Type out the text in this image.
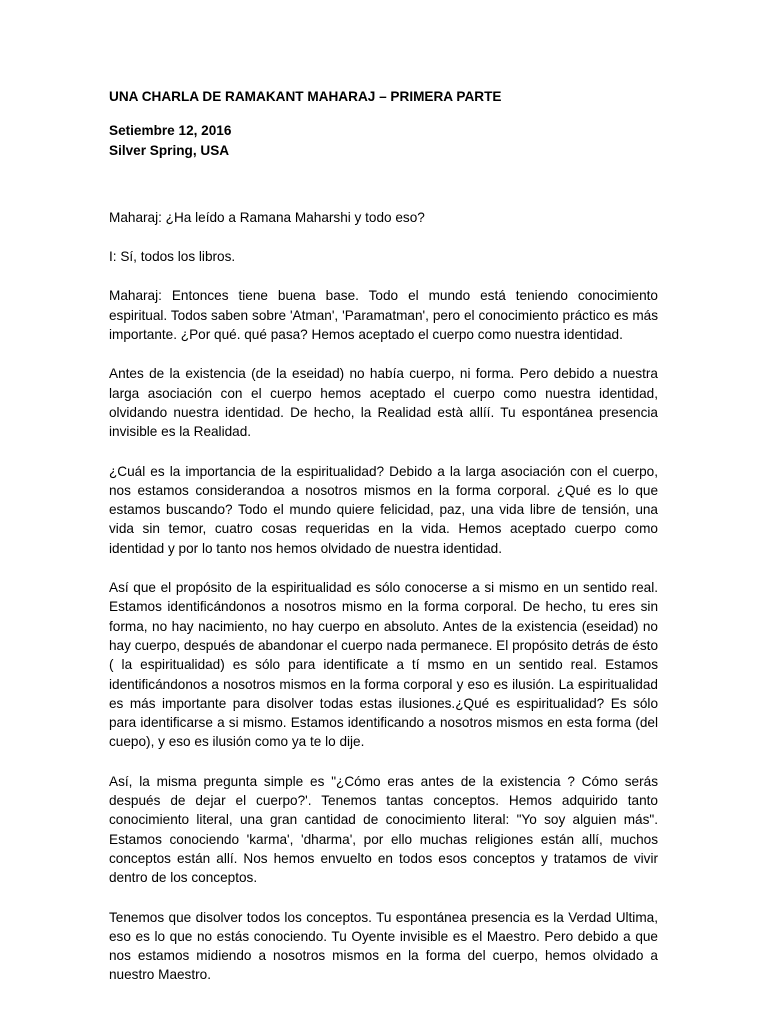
UNA CHARLA DE RAMAKANT MAHARAJ – PRIMERA PARTE

Setiembre 12, 2016

Silver Spring, USA

Maharaj: ¿Ha leído a Ramana Maharshi y todo eso?

I: Sí, todos los libros.

Maharaj: Entonces tiene buena base. Todo el mundo está teniendo conocimiento espiritual. Todos saben sobre 'Atman', 'Paramatman', pero el conocimiento práctico es más importante. ¿Por qué. qué pasa? Hemos aceptado el cuerpo como nuestra identidad.

Antes de la existencia (de la eseidad) no había cuerpo, ni forma. Pero debido a nuestra larga asociación con el cuerpo hemos aceptado el cuerpo como nuestra identidad, olvidando nuestra identidad. De hecho, la Realidad està allíí. Tu espontánea presencia invisible es la Realidad.

¿Cuál es la importancia de la espiritualidad? Debido a la larga asociación con el cuerpo, nos estamos considerandoa a nosotros mismos en la forma corporal. ¿Qué es lo que estamos buscando? Todo el mundo quiere felicidad, paz, una vida libre de tensión, una vida sin temor, cuatro cosas requeridas en la vida. Hemos aceptado cuerpo como identidad y por lo tanto nos hemos olvidado de nuestra identidad.

Así que el propósito de la espiritualidad es sólo conocerse a si mismo en un sentido real. Estamos identificándonos a nosotros mismo en la forma corporal. De hecho, tu eres sin forma, no hay nacimiento, no hay cuerpo en absoluto. Antes de la existencia (eseidad) no hay cuerpo, después de abandonar el cuerpo nada permanece. El propósito detrás de ésto ( la espiritualidad) es sólo para identificate a tí msmo en un sentido real. Estamos identificándonos a nosotros mismos en la forma corporal y eso es ilusión. La espiritualidad es más importante para disolver todas estas ilusiones.¿Qué es espiritualidad? Es sólo para identificarse a si mismo. Estamos identificando a nosotros mismos en esta forma (del cuepo), y eso es ilusión como ya te lo dije.

Así, la misma pregunta simple es "¿Cómo eras antes de la existencia ? Cómo serás después de dejar el cuerpo?'. Tenemos tantas conceptos. Hemos adquirido tanto conocimiento literal, una gran cantidad de conocimiento literal: "Yo soy alguien más". Estamos conociendo 'karma', 'dharma', por ello muchas religiones están allí, muchos conceptos están allí. Nos hemos envuelto en todos esos conceptos y tratamos de vivir dentro de los conceptos.

Tenemos que disolver todos los conceptos. Tu espontánea presencia es la Verdad Ultima, eso es lo que no estás conociendo. Tu Oyente invisible es el Maestro. Pero debido a que nos estamos midiendo a nosotros mismos en la forma del cuerpo, hemos olvidado a nuestro Maestro.
